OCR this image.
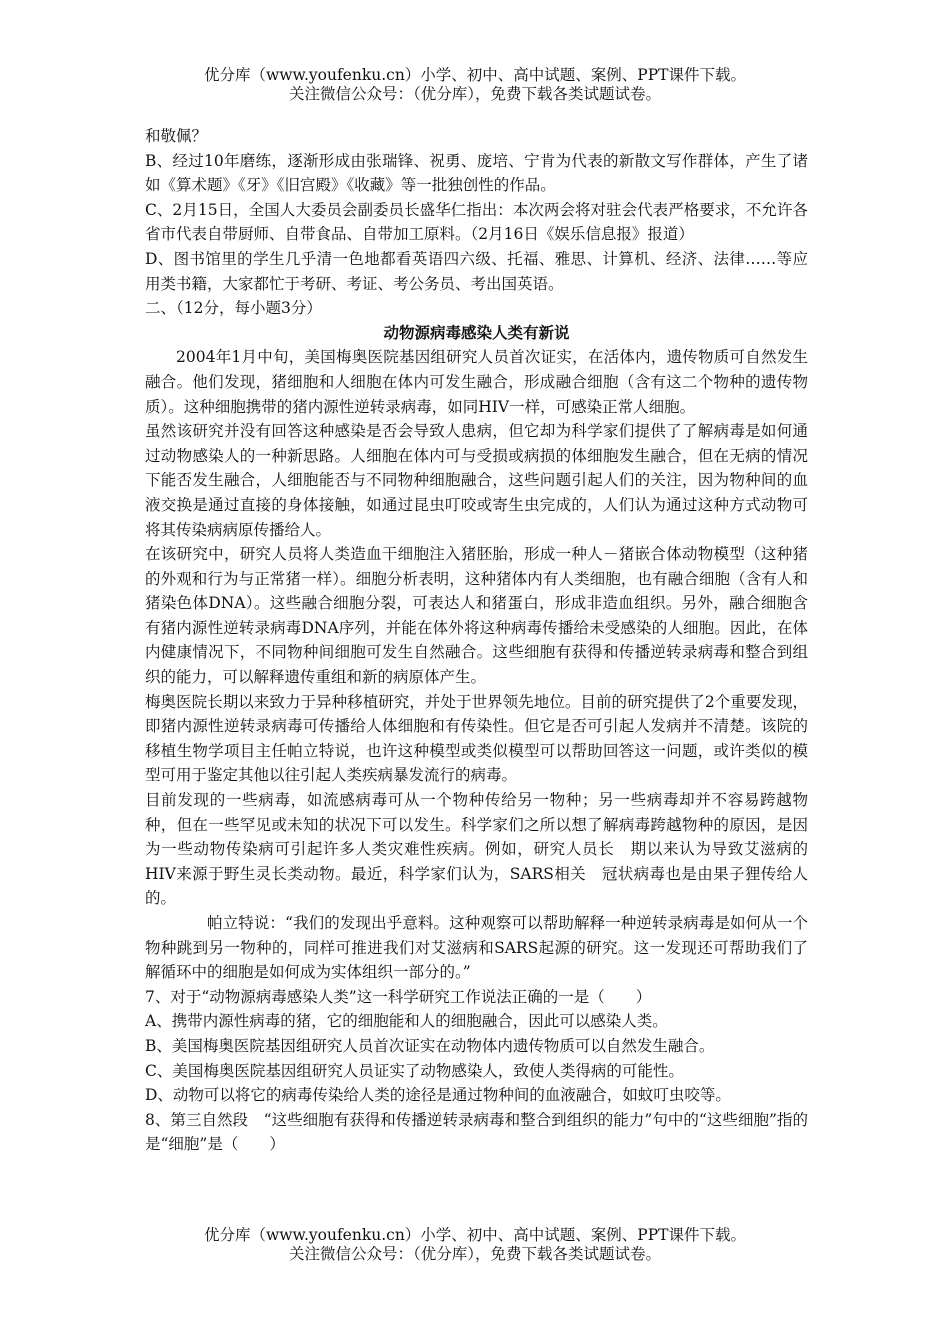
优分库（www.youfenku.cn）小学、初中、高中试题、案例、PPT课件下载。
关注微信公众号：（优分库），免费下载各类试题试卷。

和敬佩？

B、经过10年磨练，逐渐形成由张瑞锋、祝勇、庞培、宁肯为代表的新散文写作群体，产生了诸如《算术题》《牙》《旧宫殿》《收藏》等一批独创性的作品。

C、2月15日，全国人大委员会副委员长盛华仁指出：本次两会将对驻会代表严格要求，不允许各省市代表自带厨师、自带食品、自带加工原料。（2月16日《娱乐信息报》报道）

D、图书馆里的学生几乎清一色地都看英语四六级、托福、雅思、计算机、经济、法律……等应用类书籍，大家都忙于考研、考证、考公务员、考出国英语。

二、（12分，每小题3分）

动物源病毒感染人类有新说

2004年1月中旬，美国梅奥医院基因组研究人员首次证实，在活体内，遗传物质可自然发生融合。他们发现，猪细胞和人细胞在体内可发生融合，形成融合细胞（含有这二个物种的遗传物质）。这种细胞携带的猪内源性逆转录病毒，如同HIV一样，可感染正常人细胞。

虽然该研究并没有回答这种感染是否会导致人患病，但它却为科学家们提供了了解病毒是如何通过动物感染人的一种新思路。人细胞在体内可与受损或病损的体细胞发生融合，但在无病的情况下能否发生融合，人细胞能否与不同物种细胞融合，这些问题引起人们的关注，因为物种间的血液交换是通过直接的身体接触，如通过昆虫叮咬或寄生虫完成的，人们认为通过这种方式动物可将其传染病病原传播给人。

在该研究中，研究人员将人类造血干细胞注入猪胚胎，形成一种人－猪嵌合体动物模型（这种猪的外观和行为与正常猪一样）。细胞分析表明，这种猪体内有人类细胞，也有融合细胞（含有人和猪染色体DNA）。这些融合细胞分裂，可表达人和猪蛋白，形成非造血组织。另外，融合细胞含有猪内源性逆转录病毒DNA序列，并能在体外将这种病毒传播给未受感染的人细胞。因此，在体内健康情况下，不同物种间细胞可发生自然融合。这些细胞有获得和传播逆转录病毒和整合到组织的能力，可以解释遗传重组和新的病原体产生。

梅奥医院长期以来致力于异种移植研究，并处于世界领先地位。目前的研究提供了2个重要发现，即猪内源性逆转录病毒可传播给人体细胞和有传染性。但它是否可引起人发病并不清楚。该院的移植生物学项目主任帕立特说，也许这种模型或类似模型可以帮助回答这一问题，或许类似的模型可用于鉴定其他以往引起人类疾病暴发流行的病毒。

目前发现的一些病毒，如流感病毒可从一个物种传给另一物种；另一些病毒却并不容易跨越物种，但在一些罕见或未知的状况下可以发生。科学家们之所以想了解病毒跨越物种的原因，是因为一些动物传染病可引起许多人类灾难性疾病。例如，研究人员长　期以来认为导致艾滋病的HIV来源于野生灵长类动物。最近，科学家们认为，SARS相关　冠状病毒也是由果子狸传给人的。

帕立特说：“我们的发现出乎意料。这种观察可以帮助解释一种逆转录病毒是如何从一个物种跳到另一物种的，同样可推进我们对艾滋病和SARS起源的研究。这一发现还可帮助我们了解循环中的细胞是如何成为实体组织一部分的。”

7、对于“动物源病毒感染人类”这一科学研究工作说法正确的一是（　　）

A、携带内源性病毒的猪，它的细胞能和人的细胞融合，因此可以感染人类。

B、美国梅奥医院基因组研究人员首次证实在动物体内遗传物质可以自然发生融合。

C、美国梅奥医院基因组研究人员证实了动物感染人，致使人类得病的可能性。

D、动物可以将它的病毒传染给人类的途径是通过物种间的血液融合，如蚊叮虫咬等。

8、第三自然段　“这些细胞有获得和传播逆转录病毒和整合到组织的能力”句中的“这些细胞”指的是“细胞”是（　　）

优分库（www.youfenku.cn）小学、初中、高中试题、案例、PPT课件下载。
关注微信公众号：（优分库），免费下载各类试题试卷。
